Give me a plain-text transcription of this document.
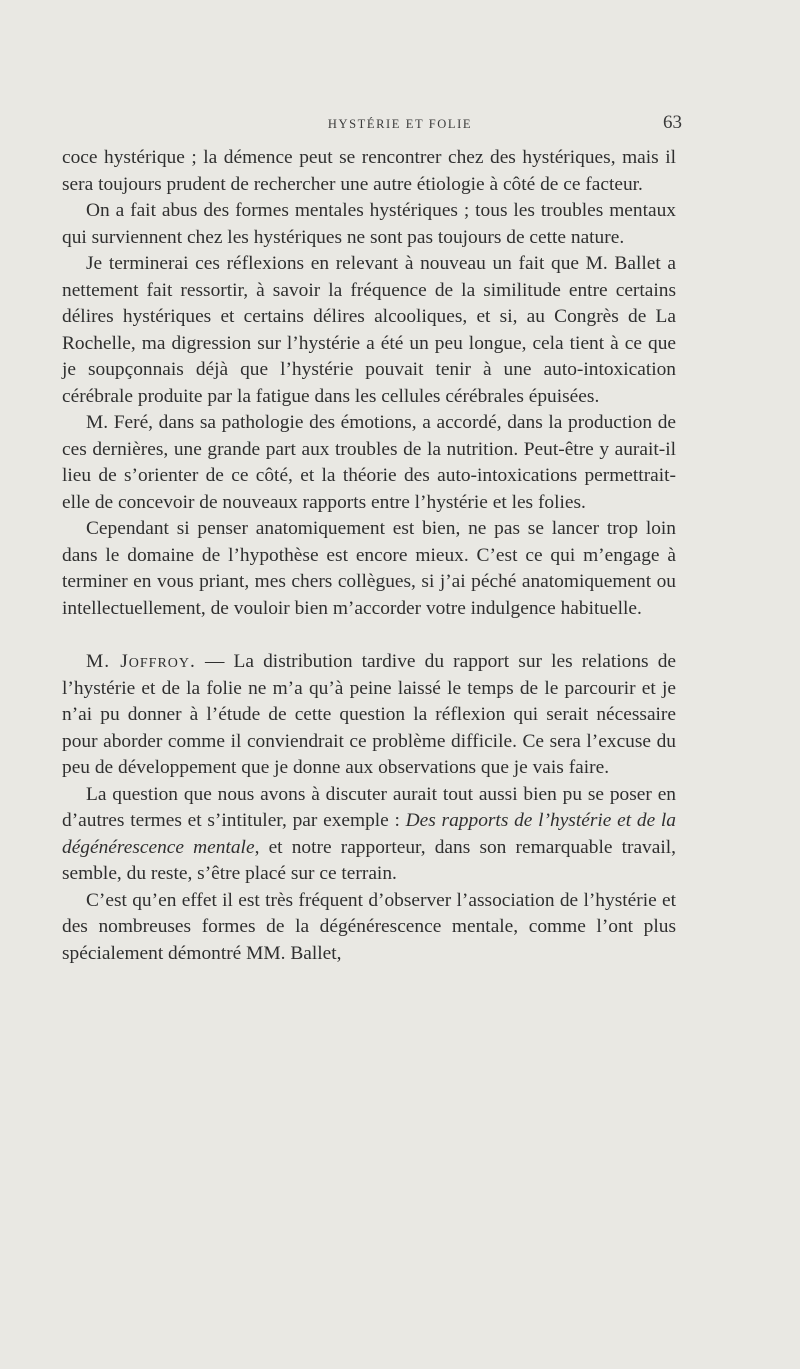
HYSTÉRIE ET FOLIE	63

coce hystérique ; la démence peut se rencontrer chez des hystériques, mais il sera toujours prudent de rechercher une autre étiologie à côté de ce facteur.

On a fait abus des formes mentales hystériques ; tous les troubles mentaux qui surviennent chez les hystériques ne sont pas toujours de cette nature.

Je terminerai ces réflexions en relevant à nouveau un fait que M. Ballet a nettement fait ressortir, à savoir la fréquence de la similitude entre certains délires hystériques et certains délires alcooliques, et si, au Congrès de La Rochelle, ma digression sur l’hystérie a été un peu longue, cela tient à ce que je soupçonnais déjà que l’hystérie pouvait tenir à une auto-intoxication cérébrale produite par la fatigue dans les cellules cérébrales épuisées.

M. Feré, dans sa pathologie des émotions, a accordé, dans la production de ces dernières, une grande part aux troubles de la nutrition. Peut-être y aurait-il lieu de s’orienter de ce côté, et la théorie des auto-intoxications permettrait-elle de concevoir de nouveaux rapports entre l’hystérie et les folies.

Cependant si penser anatomiquement est bien, ne pas se lancer trop loin dans le domaine de l’hypothèse est encore mieux. C’est ce qui m’engage à terminer en vous priant, mes chers collègues, si j’ai péché anatomiquement ou intellectuellement, de vouloir bien m’accorder votre indulgence habituelle.

M. Joffroy. — La distribution tardive du rapport sur les relations de l’hystérie et de la folie ne m’a qu’à peine laissé le temps de le parcourir et je n’ai pu donner à l’étude de cette question la réflexion qui serait nécessaire pour aborder comme il conviendrait ce problème difficile. Ce sera l’excuse du peu de développement que je donne aux observations que je vais faire.

La question que nous avons à discuter aurait tout aussi bien pu se poser en d’autres termes et s’intituler, par exemple : Des rapports de l’hystérie et de la dégénérescence mentale, et notre rapporteur, dans son remarquable travail, semble, du reste, s’être placé sur ce terrain.

C’est qu’en effet il est très fréquent d’observer l’association de l’hystérie et des nombreuses formes de la dégénérescence mentale, comme l’ont plus spécialement démontré MM. Ballet,
